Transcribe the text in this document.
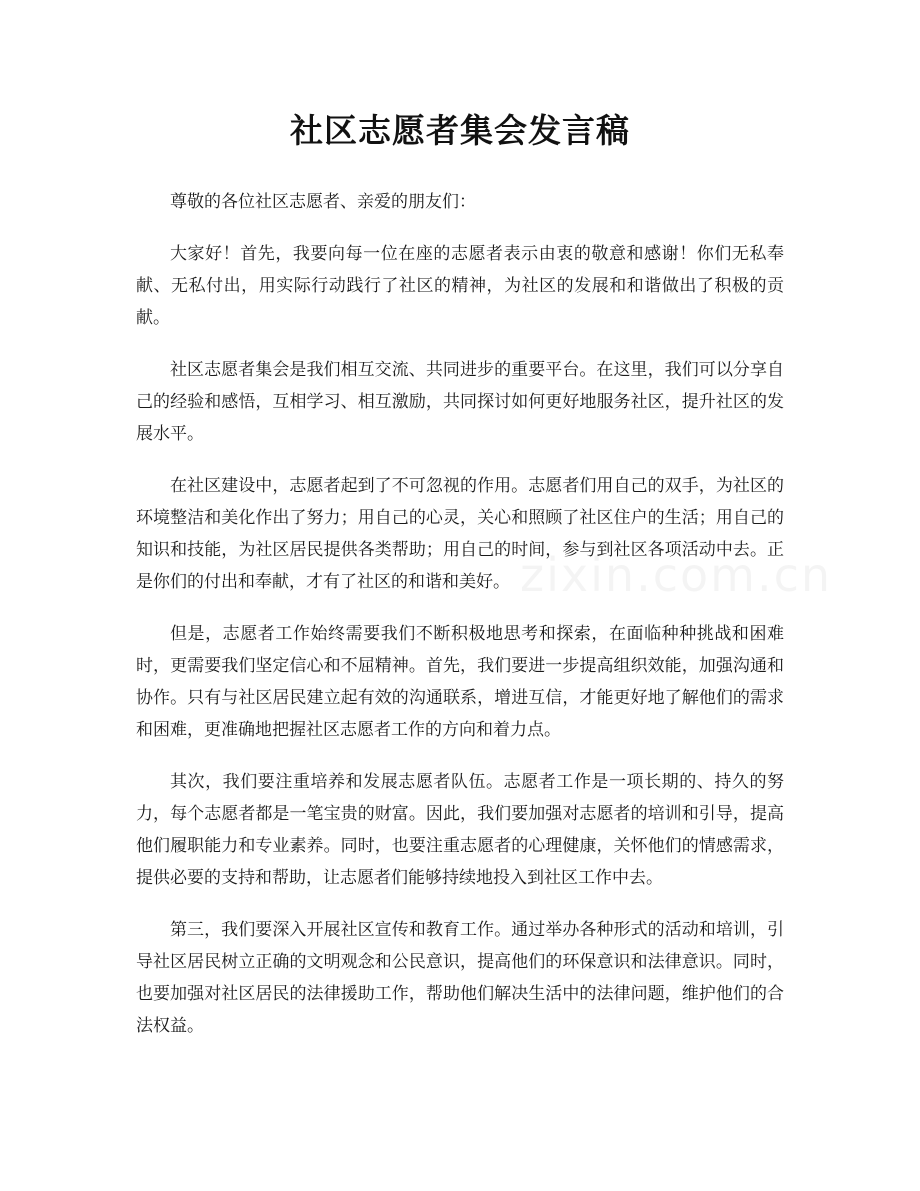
社区志愿者集会发言稿

尊敬的各位社区志愿者、亲爱的朋友们：

大家好！首先，我要向每一位在座的志愿者表示由衷的敬意和感谢！你们无私奉献、无私付出，用实际行动践行了社区的精神，为社区的发展和和谐做出了积极的贡献。

社区志愿者集会是我们相互交流、共同进步的重要平台。在这里，我们可以分享自己的经验和感悟，互相学习、相互激励，共同探讨如何更好地服务社区，提升社区的发展水平。

在社区建设中，志愿者起到了不可忽视的作用。志愿者们用自己的双手，为社区的环境整洁和美化作出了努力；用自己的心灵，关心和照顾了社区住户的生活；用自己的知识和技能，为社区居民提供各类帮助；用自己的时间，参与到社区各项活动中去。正是你们的付出和奉献，才有了社区的和谐和美好。

但是，志愿者工作始终需要我们不断积极地思考和探索，在面临种种挑战和困难时，更需要我们坚定信心和不屈精神。首先，我们要进一步提高组织效能，加强沟通和协作。只有与社区居民建立起有效的沟通联系，增进互信，才能更好地了解他们的需求和困难，更准确地把握社区志愿者工作的方向和着力点。

其次，我们要注重培养和发展志愿者队伍。志愿者工作是一项长期的、持久的努力，每个志愿者都是一笔宝贵的财富。因此，我们要加强对志愿者的培训和引导，提高他们履职能力和专业素养。同时，也要注重志愿者的心理健康，关怀他们的情感需求，提供必要的支持和帮助，让志愿者们能够持续地投入到社区工作中去。

第三，我们要深入开展社区宣传和教育工作。通过举办各种形式的活动和培训，引导社区居民树立正确的文明观念和公民意识，提高他们的环保意识和法律意识。同时，也要加强对社区居民的法律援助工作，帮助他们解决生活中的法律问题，维护他们的合法权益。
